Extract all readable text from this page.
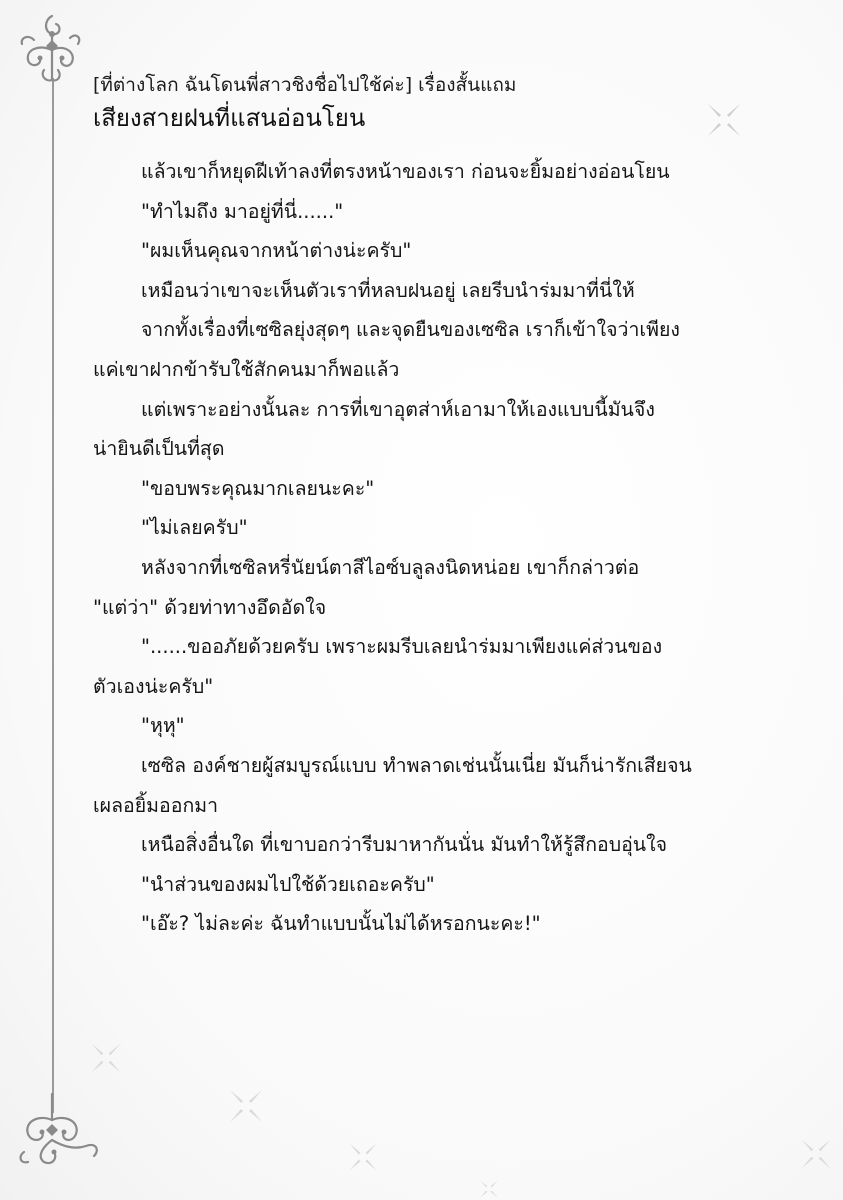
[ที่ต่างโลก ฉันโดนพี่สาวชิงชื่อไปใช้ค่ะ] เรื่องสั้นแถม
เสียงสายฝนที่แสนอ่อนโยน

แล้วเขาก็หยุดฝีเท้าลงที่ตรงหน้าของเรา ก่อนจะยิ้มอย่างอ่อนโยน

"ทำไมถึง มาอยู่ที่นี่......"

"ผมเห็นคุณจากหน้าต่างน่ะครับ"

เหมือนว่าเขาจะเห็นตัวเราที่หลบฝนอยู่ เลยรีบนำร่มมาที่นี่ให้

จากทั้งเรื่องที่เซซิลยุ่งสุดๆ และจุดยืนของเซซิล เราก็เข้าใจว่าเพียง

แค่เขาฝากข้ารับใช้สักคนมาก็พอแล้ว

แต่เพราะอย่างนั้นละ การที่เขาอุตส่าห์เอามาให้เองแบบนี้มันจึง

น่ายินดีเป็นที่สุด

"ขอบพระคุณมากเลยนะคะ"

"ไม่เลยครับ"

หลังจากที่เซซิลหรี่นัยน์ตาสีไอซ์บลูลงนิดหน่อย เขาก็กล่าวต่อ

"แต่ว่า" ด้วยท่าทางอึดอัดใจ

"......ขออภัยด้วยครับ เพราะผมรีบเลยนำร่มมาเพียงแค่ส่วนของ

ตัวเองน่ะครับ"

"หุหุ"

เซซิล องค์ชายผู้สมบูรณ์แบบ ทำพลาดเช่นนั้นเนี่ย มันก็น่ารักเสียจน

เผลอยิ้มออกมา

เหนือสิ่งอื่นใด ที่เขาบอกว่ารีบมาหากันนั่น มันทำให้รู้สึกอบอุ่นใจ

"นำส่วนของผมไปใช้ด้วยเถอะครับ"

"เอ๊ะ? ไม่ละค่ะ ฉันทำแบบนั้นไม่ได้หรอกนะคะ!"
